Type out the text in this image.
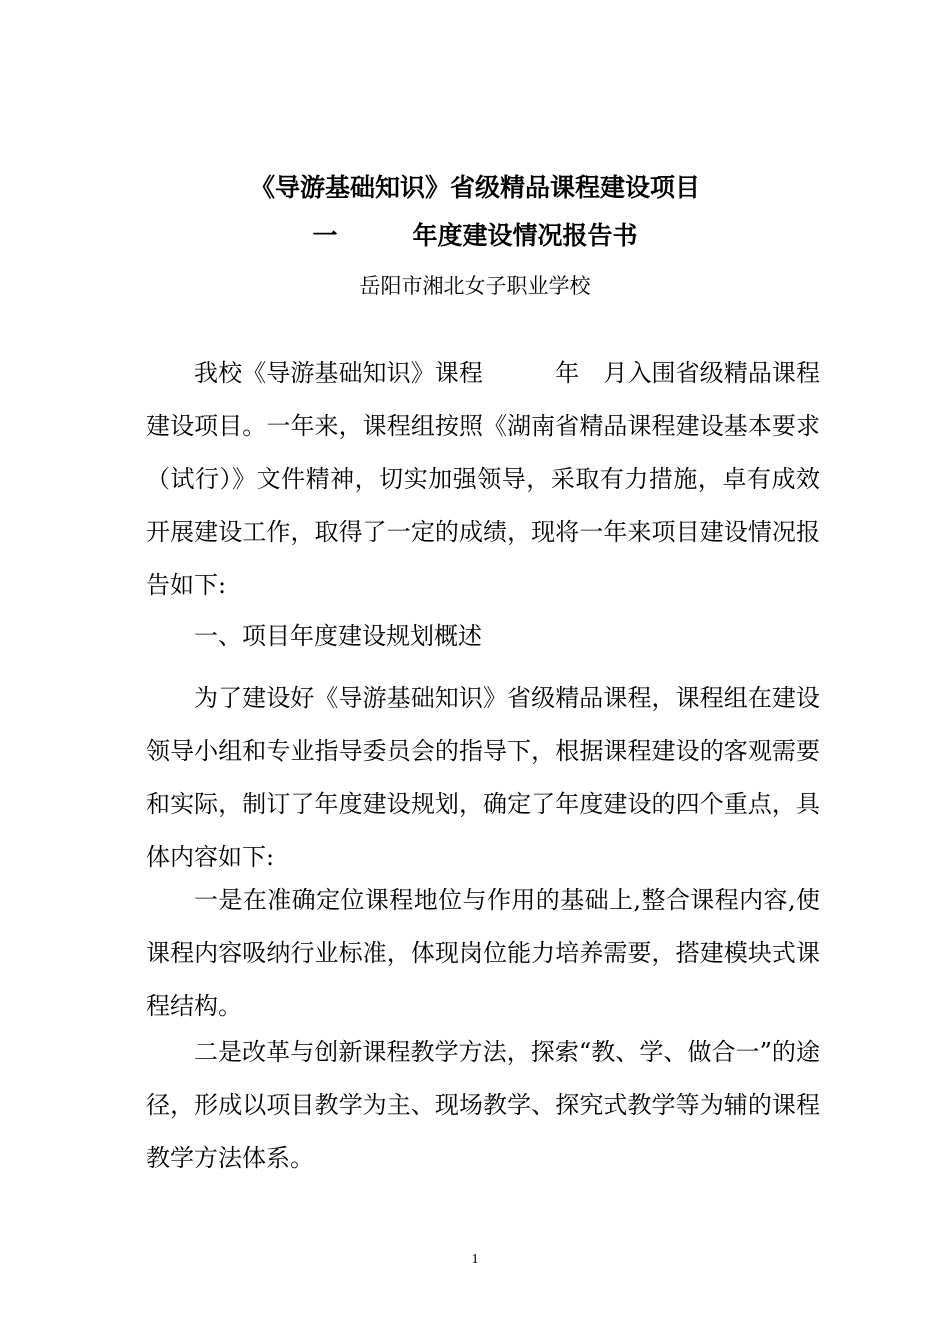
《导游基础知识》省级精品课程建设项目
一　　　年度建设情况报告书
岳阳市湘北女子职业学校
我校《导游基础知识》课程　　　年　月入围省级精品课程建设项目。一年来，课程组按照《湖南省精品课程建设基本要求（试行）》文件精神，切实加强领导，采取有力措施，卓有成效开展建设工作，取得了一定的成绩，现将一年来项目建设情况报告如下:
一、项目年度建设规划概述
为了建设好《导游基础知识》省级精品课程，课程组在建设领导小组和专业指导委员会的指导下，根据课程建设的客观需要和实际，制订了年度建设规划，确定了年度建设的四个重点，具体内容如下:
一是在准确定位课程地位与作用的基础上,整合课程内容,使课程内容吸纳行业标准，体现岗位能力培养需要，搭建模块式课程结构。
二是改革与创新课程教学方法，探索“教、学、做合一”的途径，形成以项目教学为主、现场教学、探究式教学等为辅的课程教学方法体系。
1
